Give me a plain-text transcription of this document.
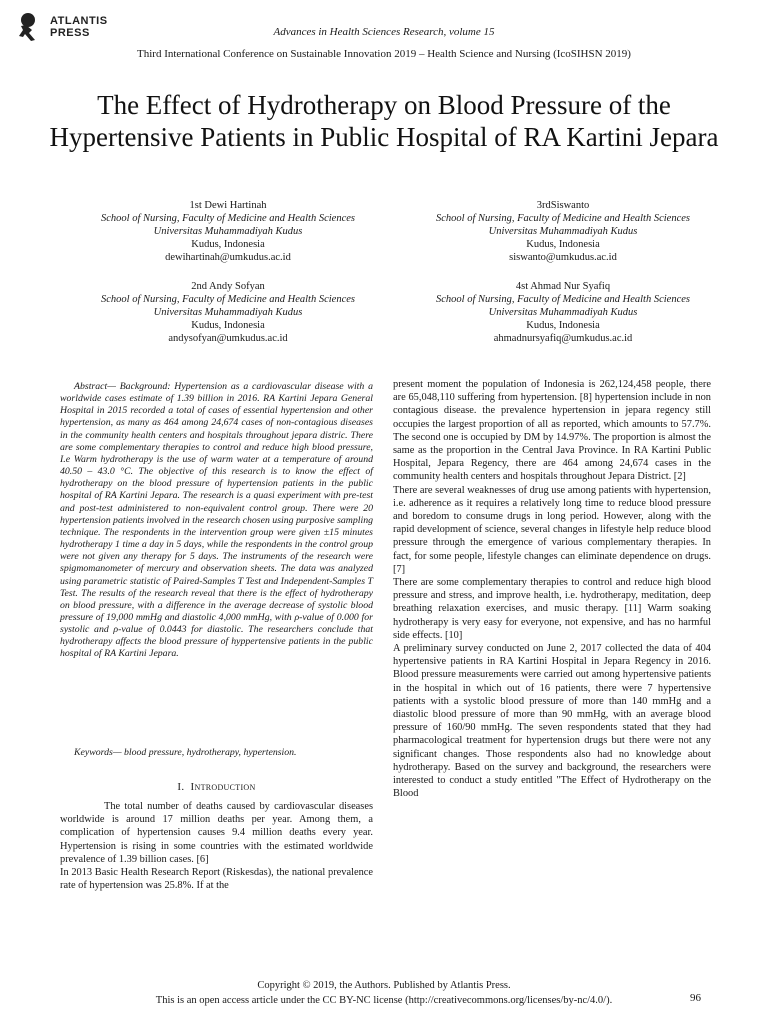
ATLANTIS
PRESS	Advances in Health Sciences Research, volume 15
Third International Conference on Sustainable Innovation 2019 – Health Science and Nursing (IcoSIHSN 2019)
The Effect of Hydrotherapy on Blood Pressure of the Hypertensive Patients in Public Hospital of RA Kartini Jepara
1st Dewi Hartinah
School of Nursing, Faculty of Medicine and Health Sciences
Universitas Muhammadiyah Kudus
Kudus, Indonesia
dewihartinah@umkudus.ac.id
3rdSiswanto
School of Nursing, Faculty of Medicine and Health Sciences
Universitas Muhammadiyah Kudus
Kudus, Indonesia
siswanto@umkudus.ac.id
2nd Andy Sofyan
School of Nursing, Faculty of Medicine and Health Sciences
Universitas Muhammadiyah Kudus
Kudus, Indonesia
andysofyan@umkudus.ac.id
4st Ahmad Nur Syafiq
School of Nursing, Faculty of Medicine and Health Sciences
Universitas Muhammadiyah Kudus
Kudus, Indonesia
ahmadnursyafiq@umkudus.ac.id
Abstract— Background: Hypertension as a cardiovascular disease with a worldwide cases estimate of 1.39 billion in 2016. RA Kartini Jepara General Hospital in 2015 recorded a total of cases of essential hypertension and other hypertension, as many as 464 among 24,674 cases of non-contagious diseases in the community health centers and hospitals throughout jepara distric. There are some complementary therapies to control and reduce high blood pressure, I.e Warm hydrotherapy is the use of warm water at a temperature of around 40.50 – 43.0 °C. The objective of this research is to know the effect of hydrotherapy on the blood pressure of hypertension patients in the public hospital of RA Kartini Jepara. The research is a quasi experiment with pre-test and post-test administered to non-equivalent control group. There were 20 hypertension patients involved in the research chosen using purposive sampling technique. The respondents in the intervention group were given ±15 minutes hydrotherapy 1 time a day in 5 days, while the respondents in the control group were not given any therapy for 5 days. The instruments of the research were spigmomanometer of mercury and observation sheets. The data was analyzed using parametric statistic of Paired-Samples T Test and Independent-Samples T Test. The results of the research reveal that there is the effect of hydrotherapy on blood pressure, with a difference in the average decrease of systolic blood pressure of 19,000 mmHg and diastolic 4,000 mmHg, with ρ-value of 0.000 for systolic and ρ-value of 0.0443 for diastolic. The researchers conclude that hydrotherapy affects the blood pressure of hyppertensive patients in the public hospital of RA Kartini Jepara.
Keywords— blood pressure, hydrotherapy, hypertension.
I. Introduction

The total number of deaths caused by cardiovascular diseases worldwide is around 17 million deaths per year. Among them, a complication of hypertension causes 9.4 million deaths every year. Hypertension is rising in some countries with the estimated worldwide prevalence of 1.39 billion cases. [6]

In 2013 Basic Health Research Report (Riskesdas), the national prevalence rate of hypertension was 25.8%. If at the

present moment the population of Indonesia is 262,124,458 people, there are 65,048,110 suffering from hypertension. [8] hypertension include in non contagious disease. the prevalence hypertension in jepara regency still occupies the largest proportion of all as reported, which amounts to 57.7%. The second one is occupied by DM by 14.97%. The proportion is almost the same as the proportion in the Central Java Province. In RA Kartini Public Hospital, Jepara Regency, there are 464 among 24,674 cases in the community health centers and hospitals throughout Jepara District. [2]

There are several weaknesses of drug use among patients with hypertension, i.e. adherence as it requires a relatively long time to reduce blood pressure and boredom to consume drugs in long period. However, along with the rapid development of science, several changes in lifestyle help reduce blood pressure through the emergence of various complementary therapies. In fact, for some people, lifestyle changes can eliminate dependence on drugs. [7]

There are some complementary therapies to control and reduce high blood pressure and stress, and improve health, i.e. hydrotherapy, meditation, deep breathing relaxation exercises, and music therapy. [11] Warm soaking hydrotherapy is very easy for everyone, not expensive, and has no harmful side effects. [10]

A preliminary survey conducted on June 2, 2017 collected the data of 404 hypertensive patients in RA Kartini Hospital in Jepara Regency in 2016. Blood pressure measurements were carried out among hypertensive patients in the hospital in which out of 16 patients, there were 7 hypertensive patients with a systolic blood pressure of more than 140 mmHg and a diastolic blood pressure of more than 90 mmHg, with an average blood pressure of 160/90 mmHg. The seven respondents stated that they had pharmacological treatment for hypertension drugs but there were not any significant changes. Those respondents also had no knowledge about hydrotherapy. Based on the survey and background, the researchers were interested to conduct a study entitled "The Effect of Hydrotherapy on the Blood

Copyright © 2019, the Authors. Published by Atlantis Press.
This is an open access article under the CC BY-NC license (http://creativecommons.org/licenses/by-nc/4.0/).	96
